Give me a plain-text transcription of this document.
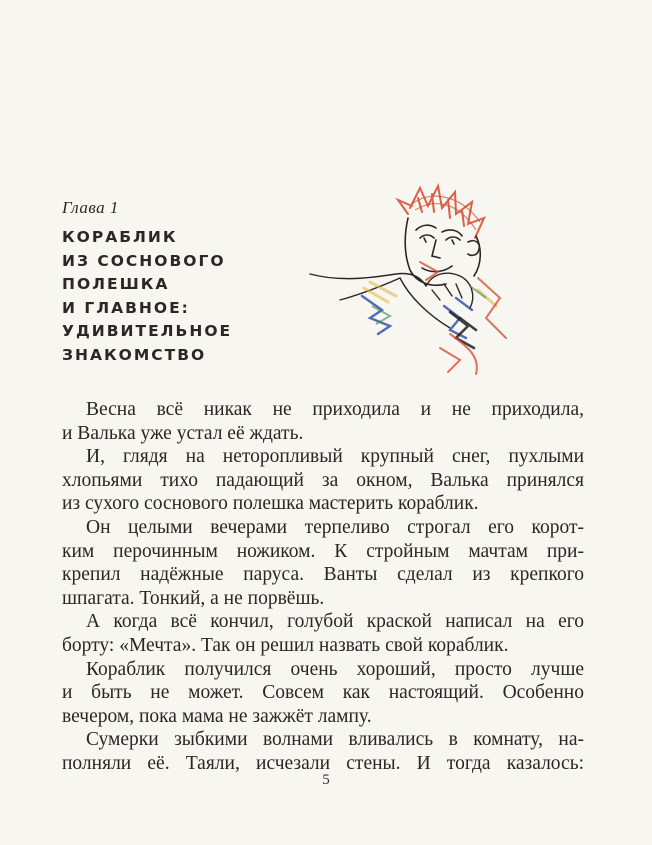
Глава 1
КОРАБЛИК
ИЗ СОСНОВОГО
ПОЛЕШКА
И ГЛАВНОЕ:
УДИВИТЕЛЬНОЕ
ЗНАКОМСТВО

Весна всё никак не приходила и не приходила,
и Валька уже устал её ждать.

И, глядя на неторопливый крупный снег, пухлыми
хлопьями тихо падающий за окном, Валька принялся
из сухого соснового полешка мастерить кораблик.

Он целыми вечерами терпеливо строгал его корот-
ким перочинным ножиком. К стройным мачтам при-
крепил надёжные паруса. Ванты сделал из крепкого
шпагата. Тонкий, а не порвёшь.

А когда всё кончил, голубой краской написал на его
борту: «Мечта». Так он решил назвать свой кораблик.

Кораблик получился очень хороший, просто лучше
и быть не может. Совсем как настоящий. Особенно
вечером, пока мама не зажжёт лампу.

Сумерки зыбкими волнами вливались в комнату, на-
полняли её. Таяли, исчезали стены. И тогда казалось:

5
